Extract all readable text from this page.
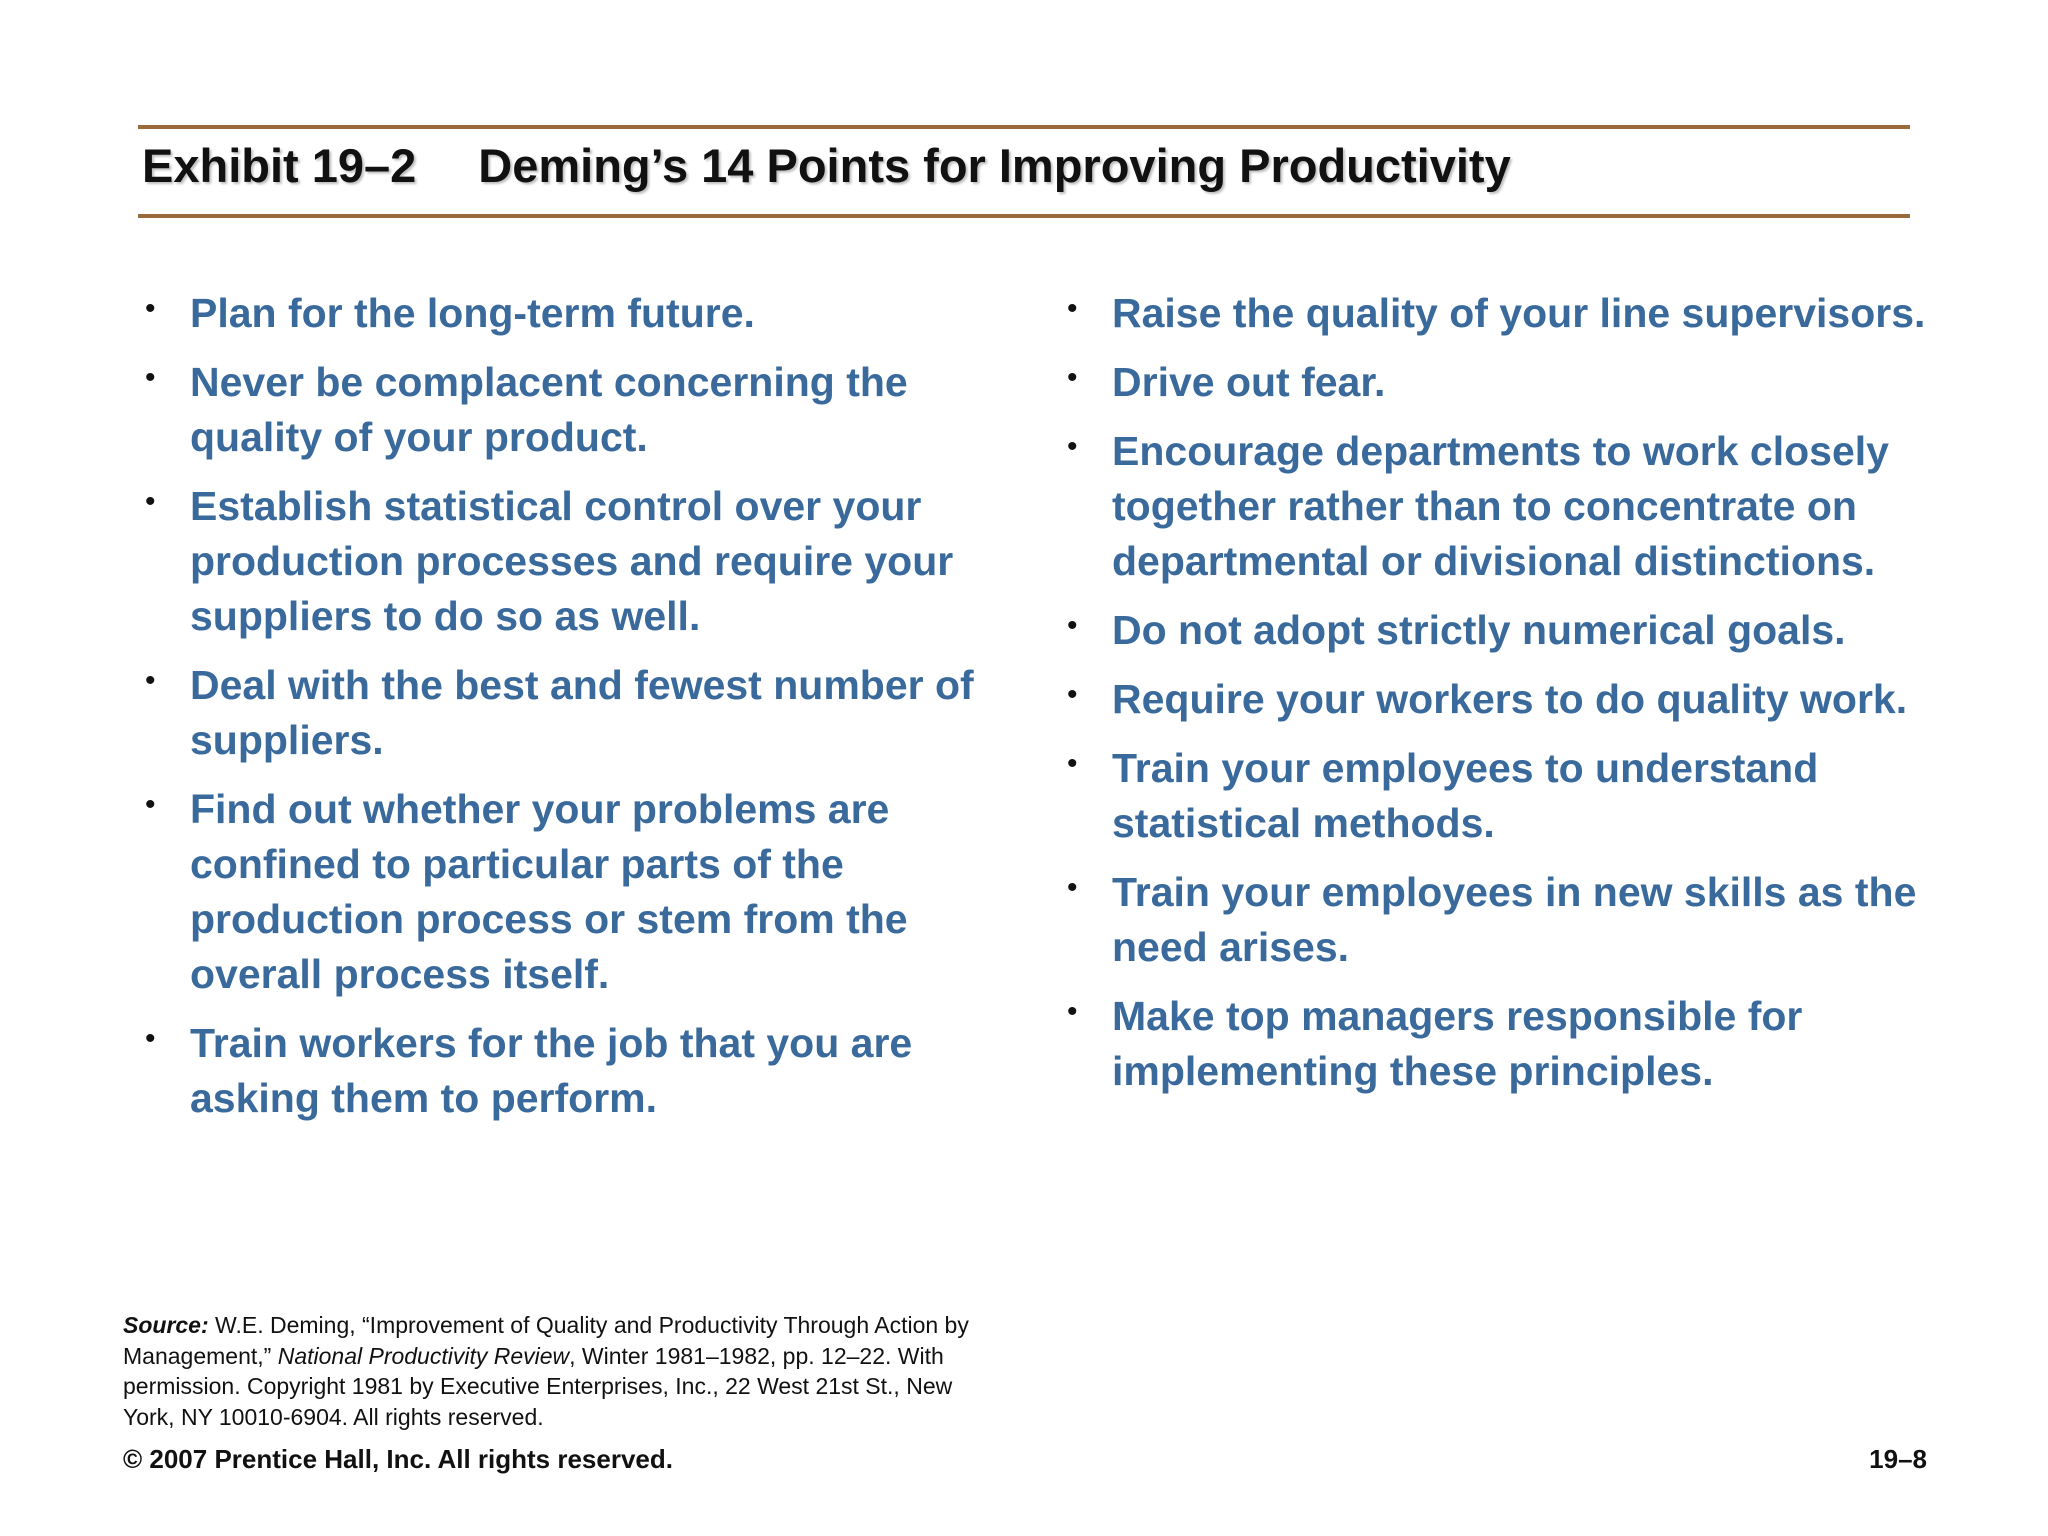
Exhibit 19–2 Deming’s 14 Points for Improving Productivity
• Plan for the long-term future.
• Never be complacent concerning the quality of your product.
• Establish statistical control over your production processes and require your suppliers to do so as well.
• Deal with the best and fewest number of suppliers.
• Find out whether your problems are confined to particular parts of the production process or stem from the overall process itself.
• Train workers for the job that you are asking them to perform.
• Raise the quality of your line supervisors.
• Drive out fear.
• Encourage departments to work closely together rather than to concentrate on departmental or divisional distinctions.
• Do not adopt strictly numerical goals.
• Require your workers to do quality work.
• Train your employees to understand statistical methods.
• Train your employees in new skills as the need arises.
• Make top managers responsible for implementing these principles.

Source: W.E. Deming, “Improvement of Quality and Productivity Through Action by Management,” National Productivity Review, Winter 1981–1982, pp. 12–22. With permission. Copyright 1981 by Executive Enterprises, Inc., 22 West 21st St., New York, NY 10010-6904. All rights reserved.

© 2007 Prentice Hall, Inc. All rights reserved.	19–8
